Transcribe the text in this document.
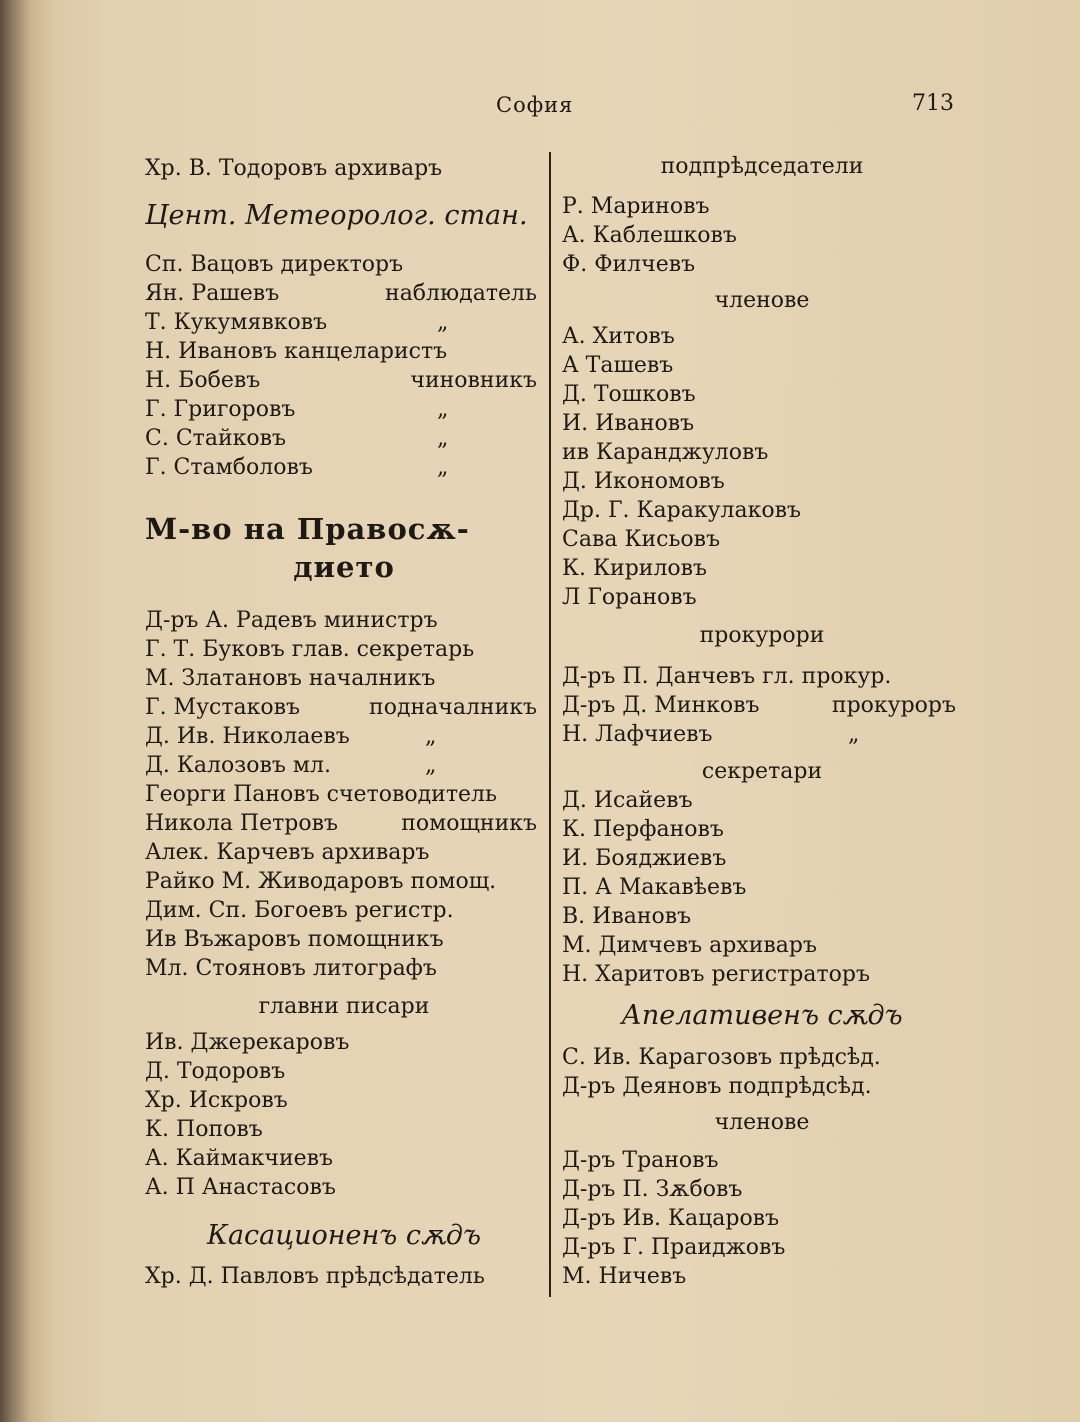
София	713
Хр. В. Тодоровъ архиваръ
Цент. Метеоролог. стан.
Сп. Вацовъ директоръ
Ян. Рашевъ	наблюдатель
Т. Кукумявковъ	„
Н. Ивановъ канцеларистъ
Н. Бобевъ	чиновникъ
Г. Григоровъ	„
С. Стайковъ	„
Г. Стамболовъ	„
М-во на Правосѫ-
дието
Д-ръ А. Радевъ министръ
Г. Т. Буковъ глав. секретарь
М. Златановъ началникъ
Г. Мустаковъ	подначалникъ
Д. Ив. Николаевъ	„
Д. Калозовъ мл.	„
Георги Пановъ счетоводитель
Никола Петровъ	помощникъ
Алек. Карчевъ архиваръ
Райко М. Живодаровъ помощ.
Дим. Сп. Богоевъ регистр.
Ив Въжаровъ помощникъ
Мл. Стояновъ литографъ
главни писари
Ив. Джерекаровъ
Д. Тодоровъ
Хр. Искровъ
К. Поповъ
А. Каймакчиевъ
А. П Анастасовъ
Касационенъ сѫдъ
Хр. Д. Павловъ прѣдсѣдатель
подпрѣдседатели
Р. Мариновъ
А. Каблешковъ
Ф. Филчевъ
членове
А. Хитовъ
А Ташевъ
Д. Тошковъ
И. Ивановъ
ив Каранджуловъ
Д. Икономовъ
Др. Г. Каракулаковъ
Сава Кисьовъ
К. Кириловъ
Л Горановъ
прокурори
Д-ръ П. Данчевъ гл. прокур.
Д-ръ Д. Минковъ	прокуроръ
Н. Лафчиевъ	„
секретари
Д. Исайевъ
К. Перфановъ
И. Бояджиевъ
П. А Макавѣевъ
В. Ивановъ
М. Димчевъ архиваръ
Н. Харитовъ регистраторъ
Апелативенъ сѫдъ
С. Ив. Карагозовъ прѣдсѣд.
Д-ръ Деяновъ подпрѣдсѣд.
членове
Д-ръ Трановъ
Д-ръ П. Зѫбовъ
Д-ръ Ив. Кацаровъ
Д-ръ Г. Праиджовъ
М. Ничевъ
